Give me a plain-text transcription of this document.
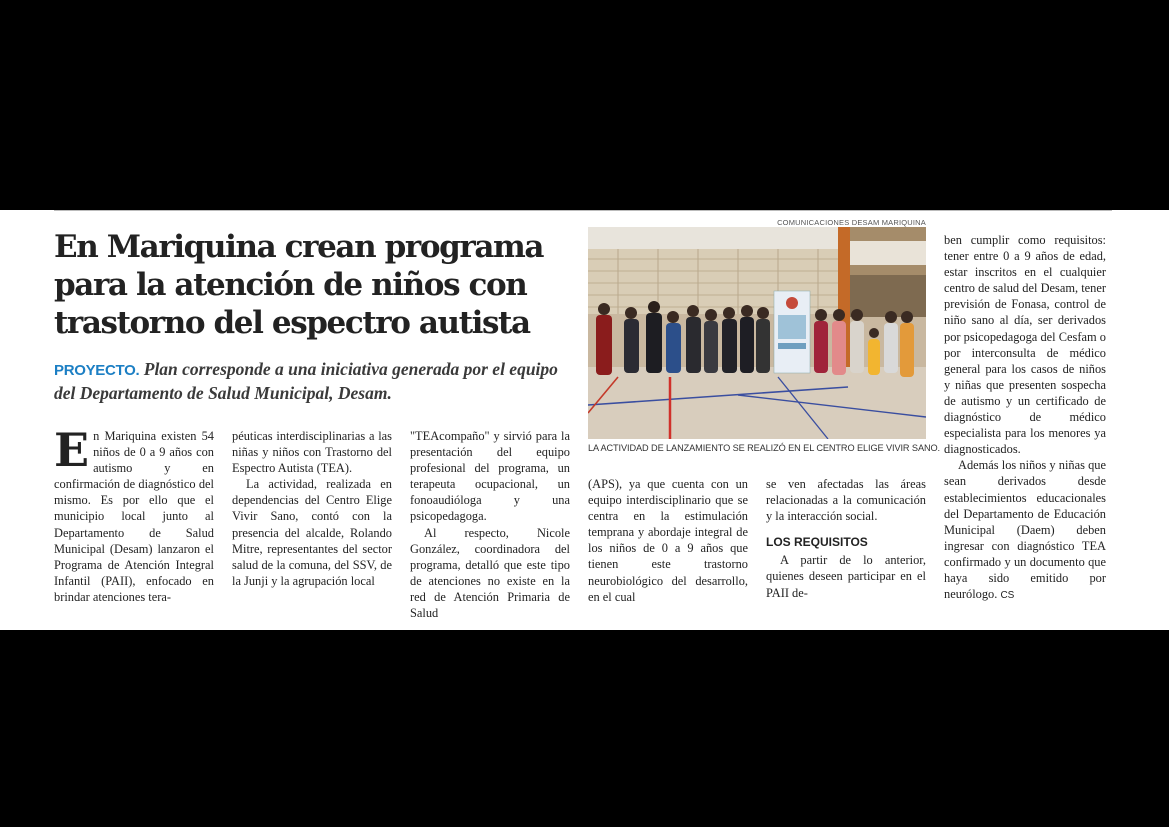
En Mariquina crean programa para la atención de niños con trastorno del espectro autista
PROYECTO. Plan corresponde a una iniciativa generada por el equipo del Departamento de Salud Municipal, Desam.
COMUNICACIONES DESAM MARIQUINA
LA ACTIVIDAD DE LANZAMIENTO SE REALIZÓ EN EL CENTRO ELIGE VIVIR SANO.
E n Mariquina existen 54 niños de 0 a 9 años con autismo y en confirmación de diagnóstico del mismo. Es por ello que el municipio local junto al Departamento de Salud Municipal (Desam) lanzaron el Programa de Atención Integral Infantil (PAII), enfocado en brindar atenciones tera-

péuticas interdisciplinarias a las niñas y niños con Trastorno del Espectro Autista (TEA).

La actividad, realizada en dependencias del Centro Elige Vivir Sano, contó con la presencia del alcalde, Rolando Mitre, representantes del sector salud de la comuna, del SSV, de la Junji y la agrupación local

"TEAcompaño" y sirvió para la presentación del equipo profesional del programa, un terapeuta ocupacional, un fonoaudióloga y una psicopedagoga.

Al respecto, Nicole González, coordinadora del programa, detalló que este tipo de atenciones no existe en la red de Atención Primaria de Salud

(APS), ya que cuenta con un equipo interdisciplinario que se centra en la estimulación temprana y abordaje integral de los niños de 0 a 9 años que tienen este trastorno neurobiológico del desarrollo, en el cual

se ven afectadas las áreas relacionadas a la comunicación y la interacción social.

LOS REQUISITOS

A partir de lo anterior, quienes deseen participar en el PAII de-

ben cumplir como requisitos: tener entre 0 a 9 años de edad, estar inscritos en el cualquier centro de salud del Desam, tener previsión de Fonasa, control de niño sano al día, ser derivados por psicopedagoga del Cesfam o por interconsulta de médico general para los casos de niños y niñas que presenten sospecha de autismo y un certificado de diagnóstico de médico especialista para los menores ya diagnosticados.

Además los niños y niñas que sean derivados desde establecimientos educacionales del Departamento de Educación Municipal (Daem) deben ingresar con diagnóstico TEA confirmado y un documento que haya sido emitido por neurólogo. CS
